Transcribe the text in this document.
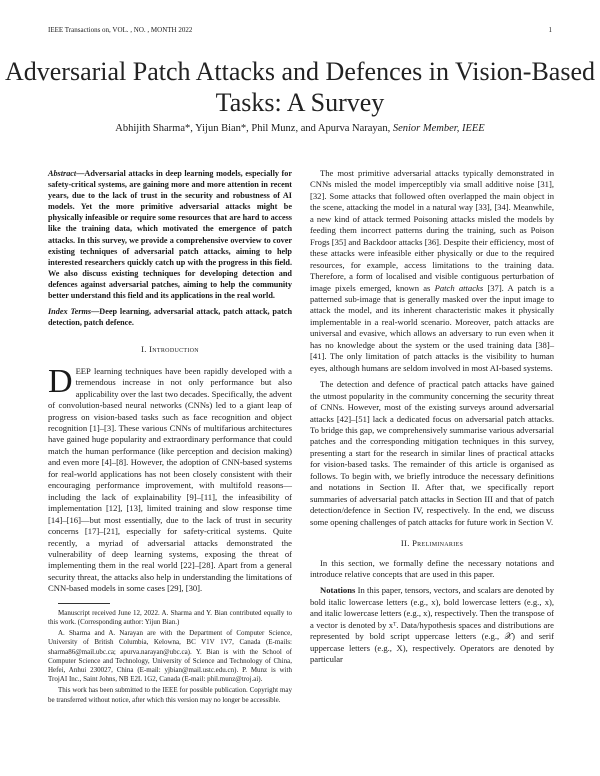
IEEE Transactions on, VOL. , NO. , MONTH 2022	1
Adversarial Patch Attacks and Defences in Vision-Based Tasks: A Survey
Abhijith Sharma*, Yijun Bian*, Phil Munz, and Apurva Narayan, Senior Member, IEEE
Abstract—Adversarial attacks in deep learning models, especially for safety-critical systems, are gaining more and more attention in recent years, due to the lack of trust in the security and robustness of AI models. Yet the more primitive adversarial attacks might be physically infeasible or require some resources that are hard to access like the training data, which motivated the emergence of patch attacks. In this survey, we provide a comprehensive overview to cover existing techniques of adversarial patch attacks, aiming to help interested researchers quickly catch up with the progress in this field. We also discuss existing techniques for developing detection and defences against adversarial patches, aiming to help the community better understand this field and its applications in the real world.
Index Terms—Deep learning, adversarial attack, patch attack, patch detection, patch defence.
I. Introduction

DEEP learning techniques have been rapidly developed with a tremendous increase in not only performance but also applicability over the last two decades. Specifically, the advent of convolution-based neural networks (CNNs) led to a giant leap of progress on vision-based tasks such as face recognition and object recognition [1]–[3]. These various CNNs of multifarious architectures have gained huge popularity and extraordinary performance that could match the human performance (like perception and decision making) and even more [4]–[8]. However, the adoption of CNN-based systems for real-world applications has not been closely consistent with their encouraging performance improvement, with multifold reasons—including the lack of explainability [9]–[11], the infeasibility of implementation [12], [13], limited training and slow response time [14]–[16]—but most essentially, due to the lack of trust in security concerns [17]–[21], especially for safety-critical systems. Quite recently, a myriad of adversarial attacks demonstrated the vulnerability of deep learning systems, exposing the threat of implementing them in the real world [22]–[28]. Apart from a general security threat, the attacks also help in understanding the limitations of CNN-based models in some cases [29], [30].

Manuscript received June 12, 2022. A. Sharma and Y. Bian contributed equally to this work. (Corresponding author: Yijun Bian.)

A. Sharma and A. Narayan are with the Department of Computer Science, University of British Columbia, Kelowna, BC V1V 1V7, Canada (E-mails: sharma86@mail.ubc.ca; apurva.narayan@ubc.ca). Y. Bian is with the School of Computer Science and Technology, University of Science and Technology of China, Hefei, Anhui 230027, China (E-mail: yjbian@mail.ustc.edu.cn). P. Munz is with TrojAI Inc., Saint Johns, NB E2L 1G2, Canada (E-mail: phil.munz@troj.ai).

This work has been submitted to the IEEE for possible publication. Copyright may be transferred without notice, after which this version may no longer be accessible.

The most primitive adversarial attacks typically demonstrated in CNNs misled the model imperceptibly via small additive noise [31], [32]. Some attacks that followed often overlapped the main object in the scene, attacking the model in a natural way [33], [34]. Meanwhile, a new kind of attack termed Poisoning attacks misled the models by feeding them incorrect patterns during the training, such as Poison Frogs [35] and Backdoor attacks [36]. Despite their efficiency, most of these attacks were infeasible either physically or due to the required resources, for example, access limitations to the training data. Therefore, a form of localised and visible contiguous perturbation of image pixels emerged, known as Patch attacks [37]. A patch is a patterned sub-image that is generally masked over the input image to attack the model, and its inherent characteristic makes it physically implementable in a real-world scenario. Moreover, patch attacks are universal and evasive, which allows an adversary to run even when it has no knowledge about the system or the used training data [38]–[41]. The only limitation of patch attacks is the visibility to human eyes, although humans are seldom involved in most AI-based systems.

The detection and defence of practical patch attacks have gained the utmost popularity in the community concerning the security threat of CNNs. However, most of the existing surveys around adversarial attacks [42]–[51] lack a dedicated focus on adversarial patch attacks. To bridge this gap, we comprehensively summarise various adversarial patches and the corresponding mitigation techniques in this survey, presenting a start for the research in similar lines of practical attacks for vision-based tasks. The remainder of this article is organised as follows. To begin with, we briefly introduce the necessary definitions and notations in Section II. After that, we specifically report summaries of adversarial patch attacks in Section III and that of patch detection/defence in Section IV, respectively. In the end, we discuss some opening challenges of patch attacks for future work in Section V.

II. Preliminaries

In this section, we formally define the necessary notations and introduce relative concepts that are used in this paper.

Notations In this paper, tensors, vectors, and scalars are denoted by bold italic lowercase letters (e.g., x), bold lowercase letters (e.g., x), and italic lowercase letters (e.g., x), respectively. Then the transpose of a vector is denoted by xᵀ. Data/hypothesis spaces and distributions are represented by bold script uppercase letters (e.g., 𝒳) and serif uppercase letters (e.g., X), respectively. Operators are denoted by particular
